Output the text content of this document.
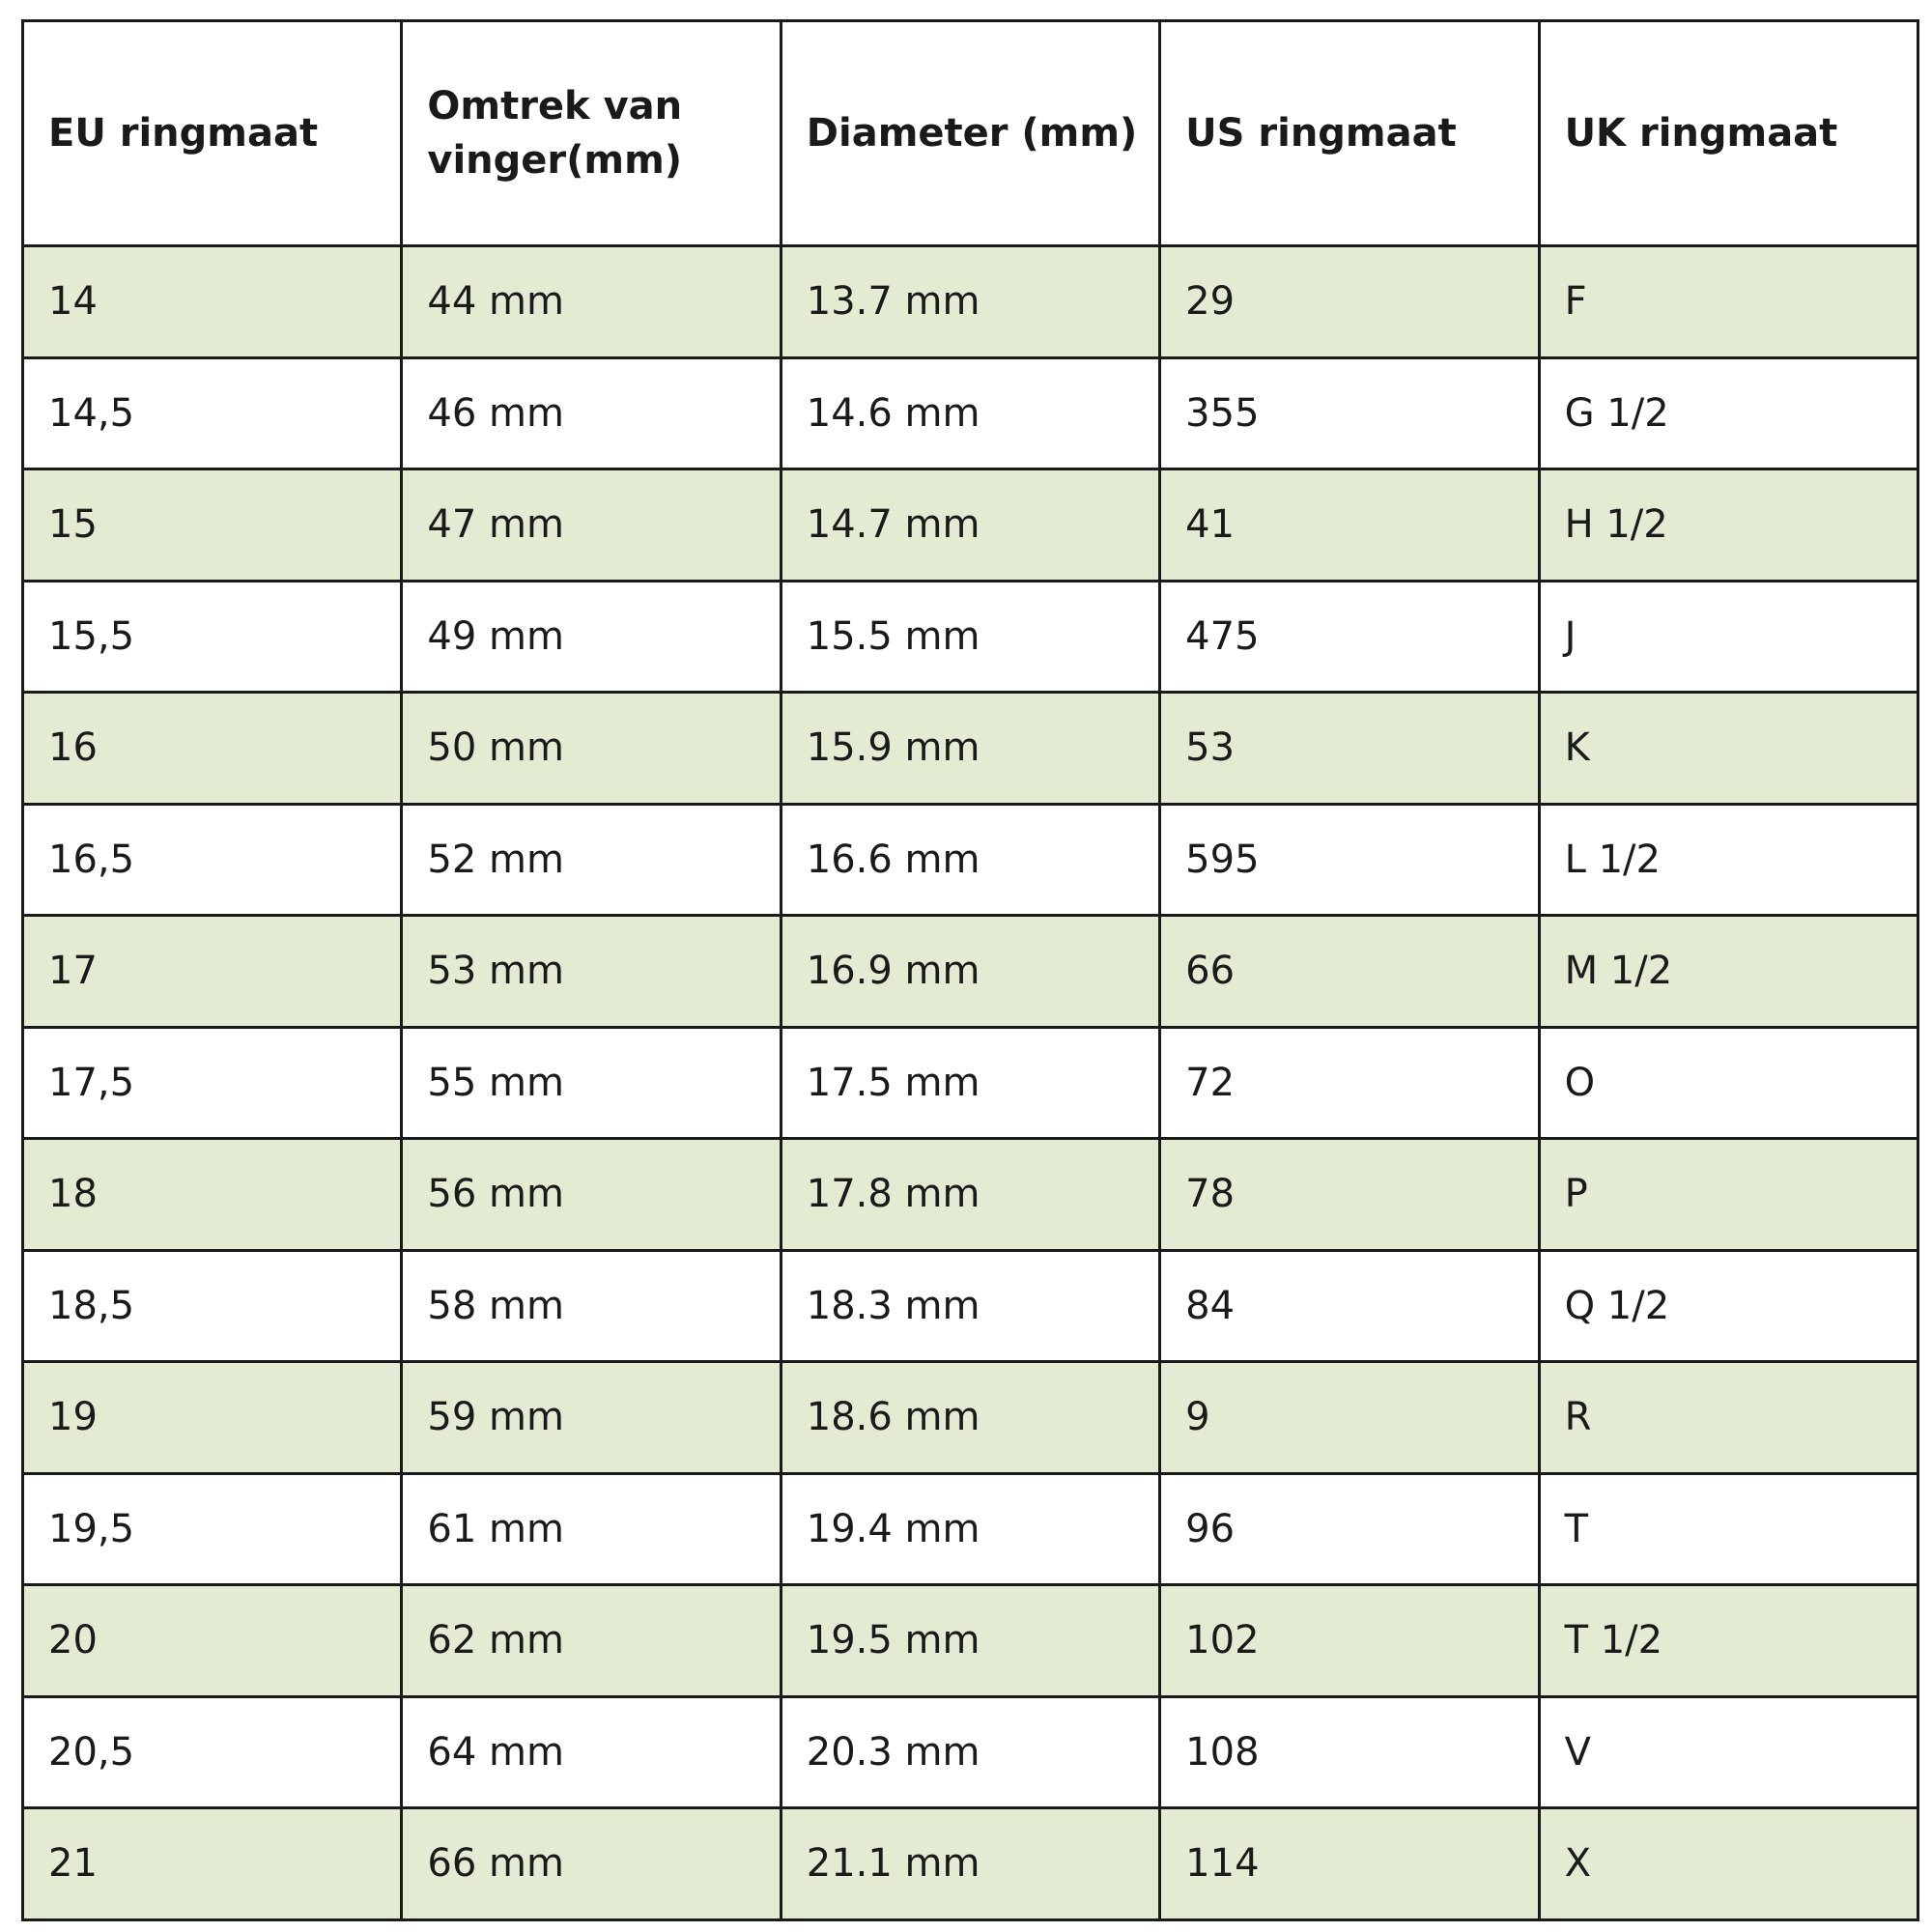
EU ringmaat	Omtrek van vinger(mm)	Diameter (mm)	US ringmaat	UK ringmaat
14	44 mm	13.7 mm	29	F
14,5	46 mm	14.6 mm	355	G 1/2
15	47 mm	14.7 mm	41	H 1/2
15,5	49 mm	15.5 mm	475	J
16	50 mm	15.9 mm	53	K
16,5	52 mm	16.6 mm	595	L 1/2
17	53 mm	16.9 mm	66	M 1/2
17,5	55 mm	17.5 mm	72	O
18	56 mm	17.8 mm	78	P
18,5	58 mm	18.3 mm	84	Q 1/2
19	59 mm	18.6 mm	9	R
19,5	61 mm	19.4 mm	96	T
20	62 mm	19.5 mm	102	T 1/2
20,5	64 mm	20.3 mm	108	V
21	66 mm	21.1 mm	114	X
